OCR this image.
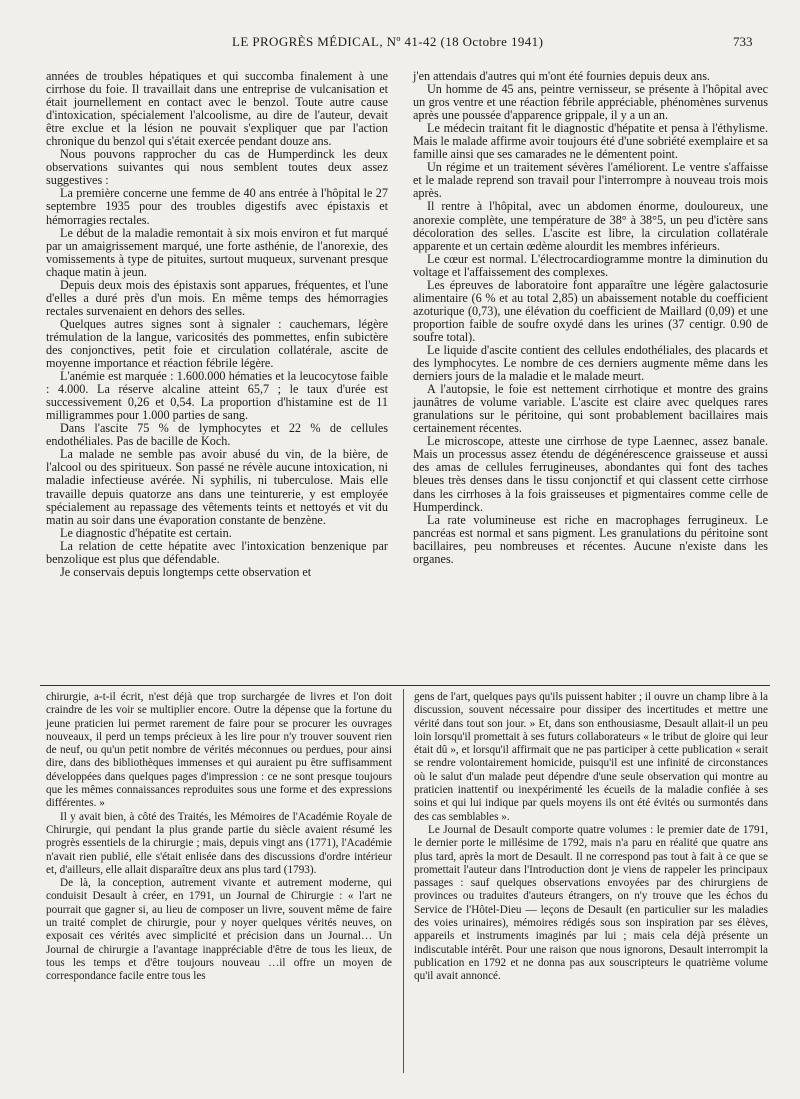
LE PROGRÈS MÉDICAL, Nº 41-42 (18 Octobre 1941)	733

années de troubles hépatiques et qui succomba finalement à une cirrhose du foie. Il travaillait dans une entreprise de vulcanisation et était journellement en contact avec le benzol. Toute autre cause d'intoxication, spécialement l'alcoolisme, au dire de l'auteur, devait être exclue et la lésion ne pouvait s'expliquer que par l'action chronique du benzol qui s'était exercée pendant douze ans.

Nous pouvons rapprocher du cas de Humperdinck les deux observations suivantes qui nous semblent toutes deux assez suggestives :

La première concerne une femme de 40 ans entrée à l'hôpital le 27 septembre 1935 pour des troubles digestifs avec épistaxis et hémorragies rectales.

Le début de la maladie remontait à six mois environ et fut marqué par un amaigrissement marqué, une forte asthénie, de l'anorexie, des vomissements à type de pituites, surtout muqueux, survenant presque chaque matin à jeun.

Depuis deux mois des épistaxis sont apparues, fréquentes, et l'une d'elles a duré près d'un mois. En même temps des hémorragies rectales survenaient en dehors des selles.

Quelques autres signes sont à signaler : cauchemars, légère trémulation de la langue, varicosités des pommettes, enfin subictère des conjonctives, petit foie et circulation collatérale, ascite de moyenne importance et réaction fébrile légère.

L'anémie est marquée : 1.600.000 hématies et la leucocytose faible : 4.000. La réserve alcaline atteint 65,7 ; le taux d'urée est successivement 0,26 et 0,54. La proportion d'histamine est de 11 milligrammes pour 1.000 parties de sang.

Dans l'ascite 75 % de lymphocytes et 22 % de cellules endothéliales. Pas de bacille de Koch.

La malade ne semble pas avoir abusé du vin, de la bière, de l'alcool ou des spiritueux. Son passé ne révèle aucune intoxication, ni maladie infectieuse avérée. Ni syphilis, ni tuberculose. Mais elle travaille depuis quatorze ans dans une teinturerie, y est employée spécialement au repassage des vêtements teints et nettoyés et vit du matin au soir dans une évaporation constante de benzène.

Le diagnostic d'hépatite est certain.

La relation de cette hépatite avec l'intoxication benzenique par benzolique est plus que défendable.

Je conservais depuis longtemps cette observation et

j'en attendais d'autres qui m'ont été fournies depuis deux ans.

Un homme de 45 ans, peintre vernisseur, se présente à l'hôpital avec un gros ventre et une réaction fébrile appréciable, phénomènes survenus après une poussée d'apparence grippale, il y a un an.

Le médecin traitant fit le diagnostic d'hépatite et pensa à l'éthylisme. Mais le malade affirme avoir toujours été d'une sobriété exemplaire et sa famille ainsi que ses camarades ne le démentent point.

Un régime et un traitement sévères l'améliorent. Le ventre s'affaisse et le malade reprend son travail pour l'interrompre à nouveau trois mois après.

Il rentre à l'hôpital, avec un abdomen énorme, douloureux, une anorexie complète, une température de 38° à 38°5, un peu d'ictère sans décoloration des selles. L'ascite est libre, la circulation collatérale apparente et un certain œdème alourdit les membres inférieurs.

Le cœur est normal. L'électrocardiogramme montre la diminution du voltage et l'affaissement des complexes.

Les épreuves de laboratoire font apparaître une légère galactosurie alimentaire (6 % et au total 2,85) un abaissement notable du coefficient azoturique (0,73), une élévation du coefficient de Maillard (0,09) et une proportion faible de soufre oxydé dans les urines (37 centigr. 0.90 de soufre total).

Le liquide d'ascite contient des cellules endothéliales, des placards et des lymphocytes. Le nombre de ces derniers augmente même dans les derniers jours de la maladie et le malade meurt.

A l'autopsie, le foie est nettement cirrhotique et montre des grains jaunâtres de volume variable. L'ascite est claire avec quelques rares granulations sur le péritoine, qui sont probablement bacillaires mais certainement récentes.

Le microscope, atteste une cirrhose de type Laennec, assez banale. Mais un processus assez étendu de dégénérescence graisseuse et aussi des amas de cellules ferrugineuses, abondantes qui font des taches bleues très denses dans le tissu conjonctif et qui classent cette cirrhose dans les cirrhoses à la fois graisseuses et pigmentaires comme celle de Humperdinck.

La rate volumineuse est riche en macrophages ferrugineux. Le pancréas est normal et sans pigment. Les granulations du péritoine sont bacillaires, peu nombreuses et récentes. Aucune n'existe dans les organes.

chirurgie, a-t-il écrit, n'est déjà que trop surchargée de livres et l'on doit craindre de les voir se multiplier encore. Outre la dépense que la fortune du jeune praticien lui permet rarement de faire pour se procurer les ouvrages nouveaux, il perd un temps précieux à les lire pour n'y trouver souvent rien de neuf, ou qu'un petit nombre de vérités méconnues ou perdues, pour ainsi dire, dans des bibliothèques immenses et qui auraient pu être suffisamment développées dans quelques pages d'impression : ce ne sont presque toujours que les mêmes connaissances reproduites sous une forme et des expressions différentes. »

Il y avait bien, à côté des Traités, les Mémoires de l'Académie Royale de Chirurgie, qui pendant la plus grande partie du siècle avaient résumé les progrès essentiels de la chirurgie ; mais, depuis vingt ans (1771), l'Académie n'avait rien publié, elle s'était enlisée dans des discussions d'ordre intérieur et, d'ailleurs, elle allait disparaître deux ans plus tard (1793).

De là, la conception, autrement vivante et autrement moderne, qui conduisit Desault à créer, en 1791, un Journal de Chirurgie : « l'art ne pourrait que gagner si, au lieu de composer un livre, souvent même de faire un traité complet de chirurgie, pour y noyer quelques vérités neuves, on exposait ces vérités avec simplicité et précision dans un Journal… Un Journal de chirurgie a l'avantage inappréciable d'être de tous les lieux, de tous les temps et d'être toujours nouveau …il offre un moyen de correspondance facile entre tous les

gens de l'art, quelques pays qu'ils puissent habiter ; il ouvre un champ libre à la discussion, souvent nécessaire pour dissiper des incertitudes et mettre une vérité dans tout son jour. » Et, dans son enthousiasme, Desault allait-il un peu loin lorsqu'il promettait à ses futurs collaborateurs « le tribut de gloire qui leur était dû », et lorsqu'il affirmait que ne pas participer à cette publication « serait se rendre volontairement homicide, puisqu'il est une infinité de circonstances où le salut d'un malade peut dépendre d'une seule observation qui montre au praticien inattentif ou inexpérimenté les écueils de la maladie confiée à ses soins et qui lui indique par quels moyens ils ont été évités ou surmontés dans des cas semblables ».

Le Journal de Desault comporte quatre volumes : le premier date de 1791, le dernier porte le millésime de 1792, mais n'a paru en réalité que quatre ans plus tard, après la mort de Desault. Il ne correspond pas tout à fait à ce que se promettait l'auteur dans l'Introduction dont je viens de rappeler les principaux passages : sauf quelques observations envoyées par des chirurgiens de provinces ou traduites d'auteurs étrangers, on n'y trouve que les échos du Service de l'Hôtel-Dieu — leçons de Desault (en particulier sur les maladies des voies urinaires), mémoires rédigés sous son inspiration par ses élèves, appareils et instruments imaginés par lui ; mais cela déjà présente un indiscutable intérêt. Pour une raison que nous ignorons, Desault interrompit la publication en 1792 et ne donna pas aux souscripteurs le quatrième volume qu'il avait annoncé.
